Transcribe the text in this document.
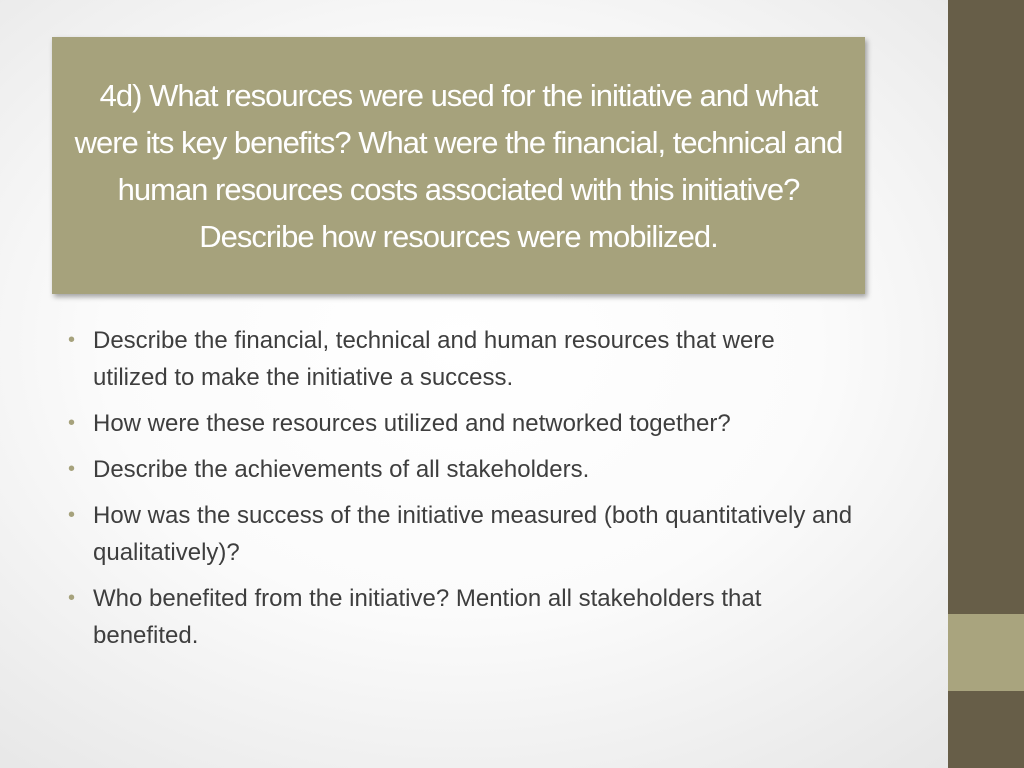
4d) What resources were used for the initiative and what were its key benefits? What were the financial, technical and human resources costs associated with this initiative? Describe how resources were mobilized.
• Describe the financial, technical and human resources that were utilized to make the initiative a success.
• How were these resources utilized and networked together?
• Describe the achievements of all stakeholders.
• How was the success of the initiative measured (both quantitatively and qualitatively)?
• Who benefited from the initiative? Mention all stakeholders that benefited.
